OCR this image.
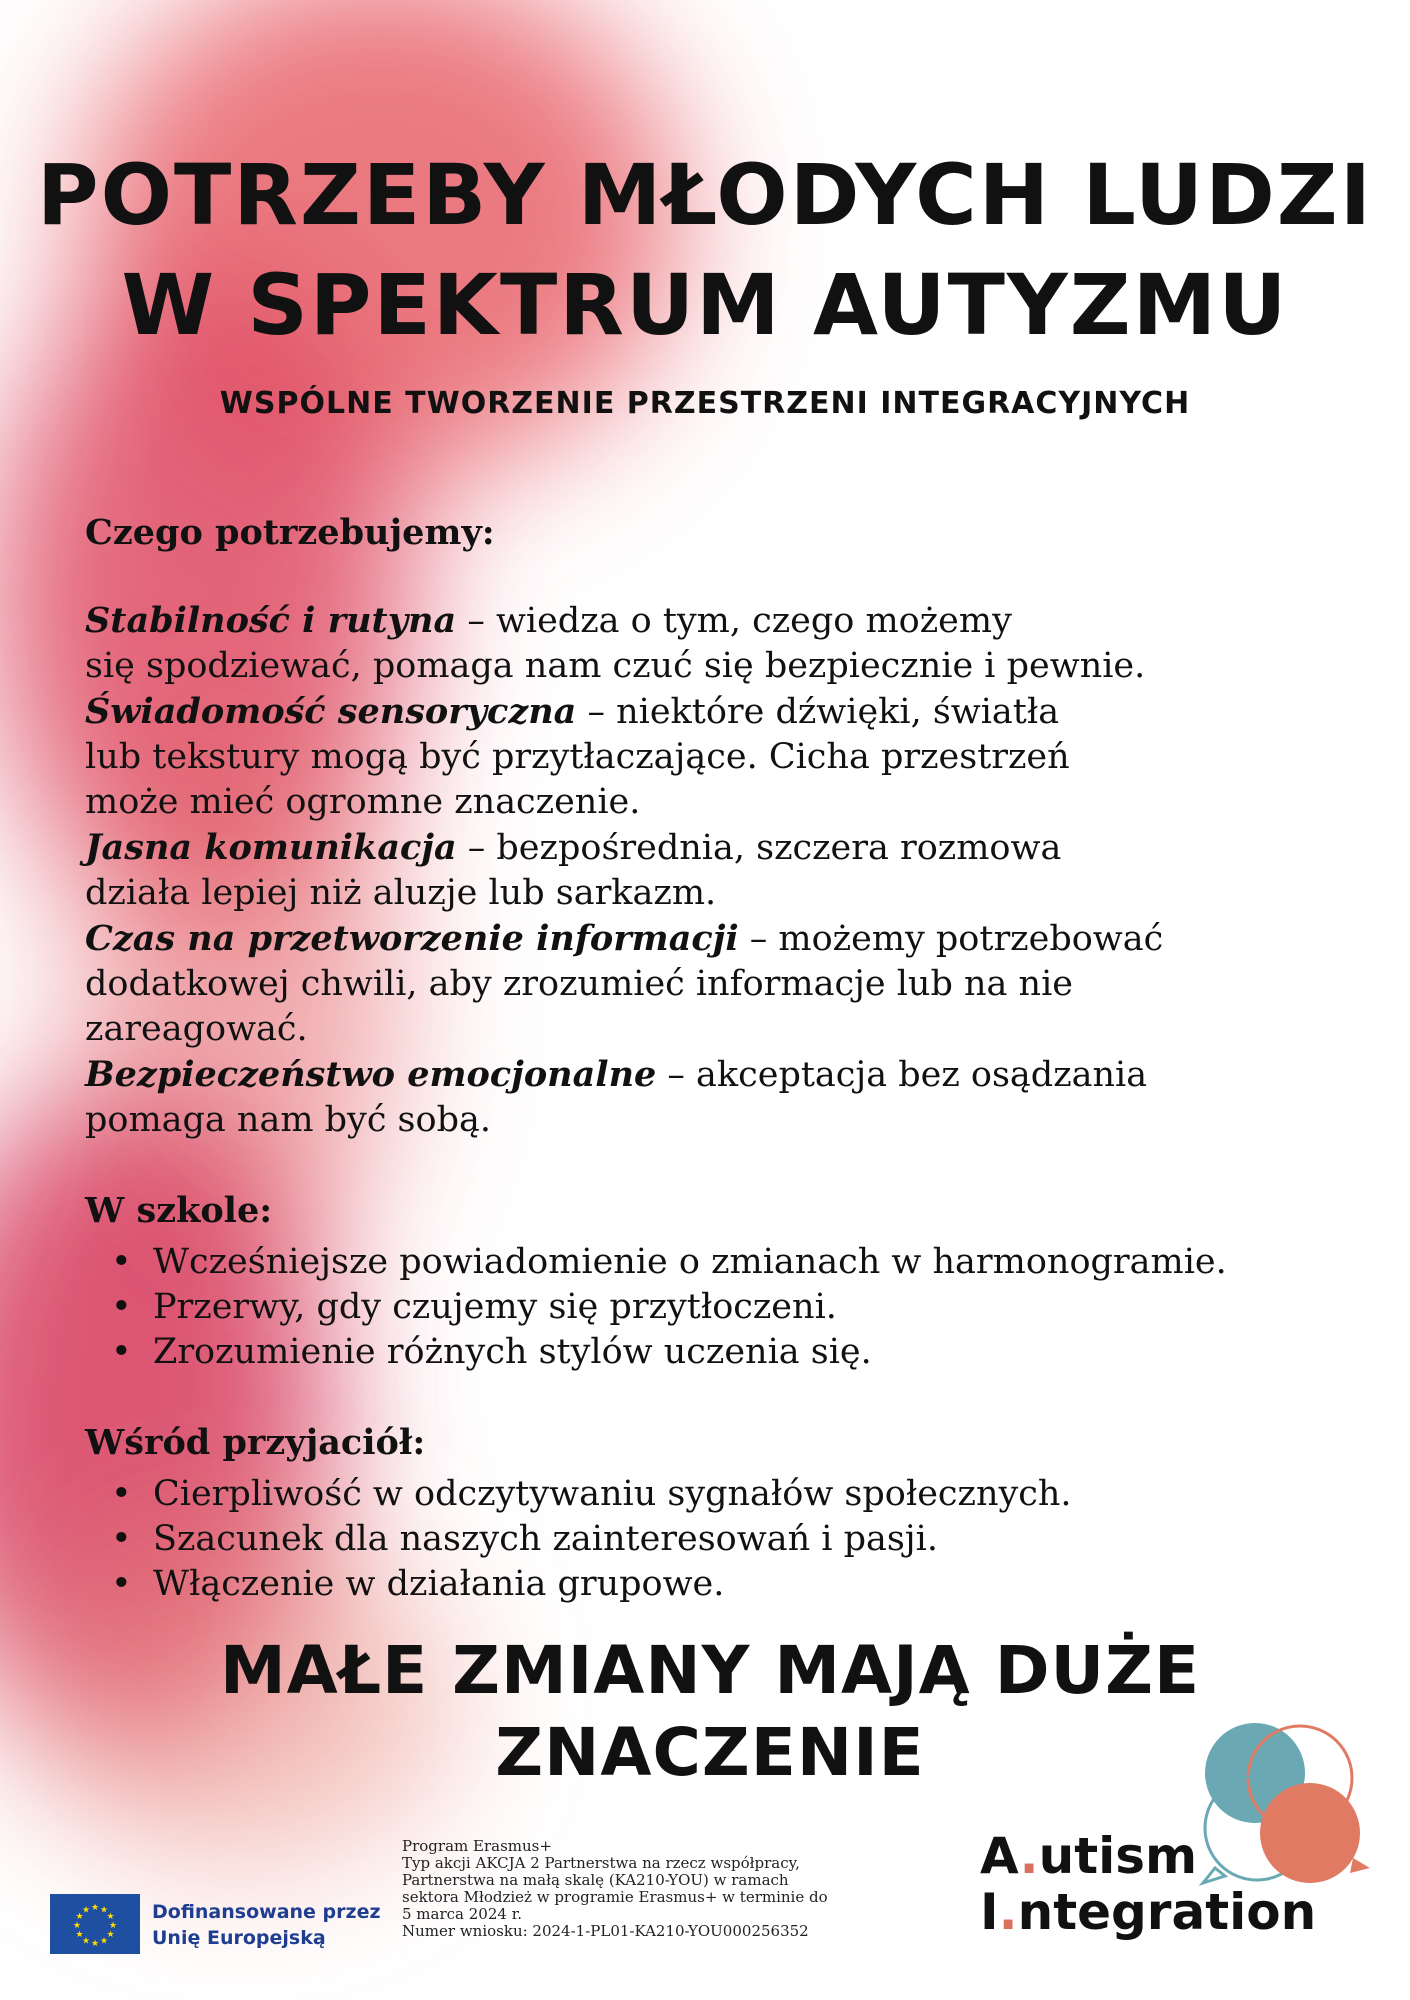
POTRZEBY MŁODYCH LUDZI
W SPEKTRUM AUTYZMU
WSPÓLNE TWORZENIE PRZESTRZENI INTEGRACYJNYCH
Czego potrzebujemy:

Stabilność i rutyna – wiedza o tym, czego możemy
się spodziewać, pomaga nam czuć się bezpiecznie i pewnie.

Świadomość sensoryczna – niektóre dźwięki, światła
lub tekstury mogą być przytłaczające. Cicha przestrzeń
może mieć ogromne znaczenie.

Jasna komunikacja – bezpośrednia, szczera rozmowa
działa lepiej niż aluzje lub sarkazm.

Czas na przetworzenie informacji – możemy potrzebować
dodatkowej chwili, aby zrozumieć informacje lub na nie
zareagować.

Bezpieczeństwo emocjonalne – akceptacja bez osądzania
pomaga nam być sobą.

W szkole:
• Wcześniejsze powiadomienie o zmianach w harmonogramie.
• Przerwy, gdy czujemy się przytłoczeni.
• Zrozumienie różnych stylów uczenia się.
Wśród przyjaciół:
• Cierpliwość w odczytywaniu sygnałów społecznych.
• Szacunek dla naszych zainteresowań i pasji.
• Włączenie w działania grupowe.
MAŁE ZMIANY MAJĄ DUŻE
ZNACZENIE
★ ★
★
★
★
★
★
★
★
★
★
★	Dofinansowane przez
Unię Europejską
Program Erasmus+
Typ akcji AKCJA 2 Partnerstwa na rzecz współpracy,
Partnerstwa na małą skalę (KA210-YOU) w ramach
sektora Młodzież w programie Erasmus+ w terminie do
5 marca 2024 r.
Numer wniosku: 2024-1-PL01-KA210-YOU000256352
A.utism
I.ntegration
